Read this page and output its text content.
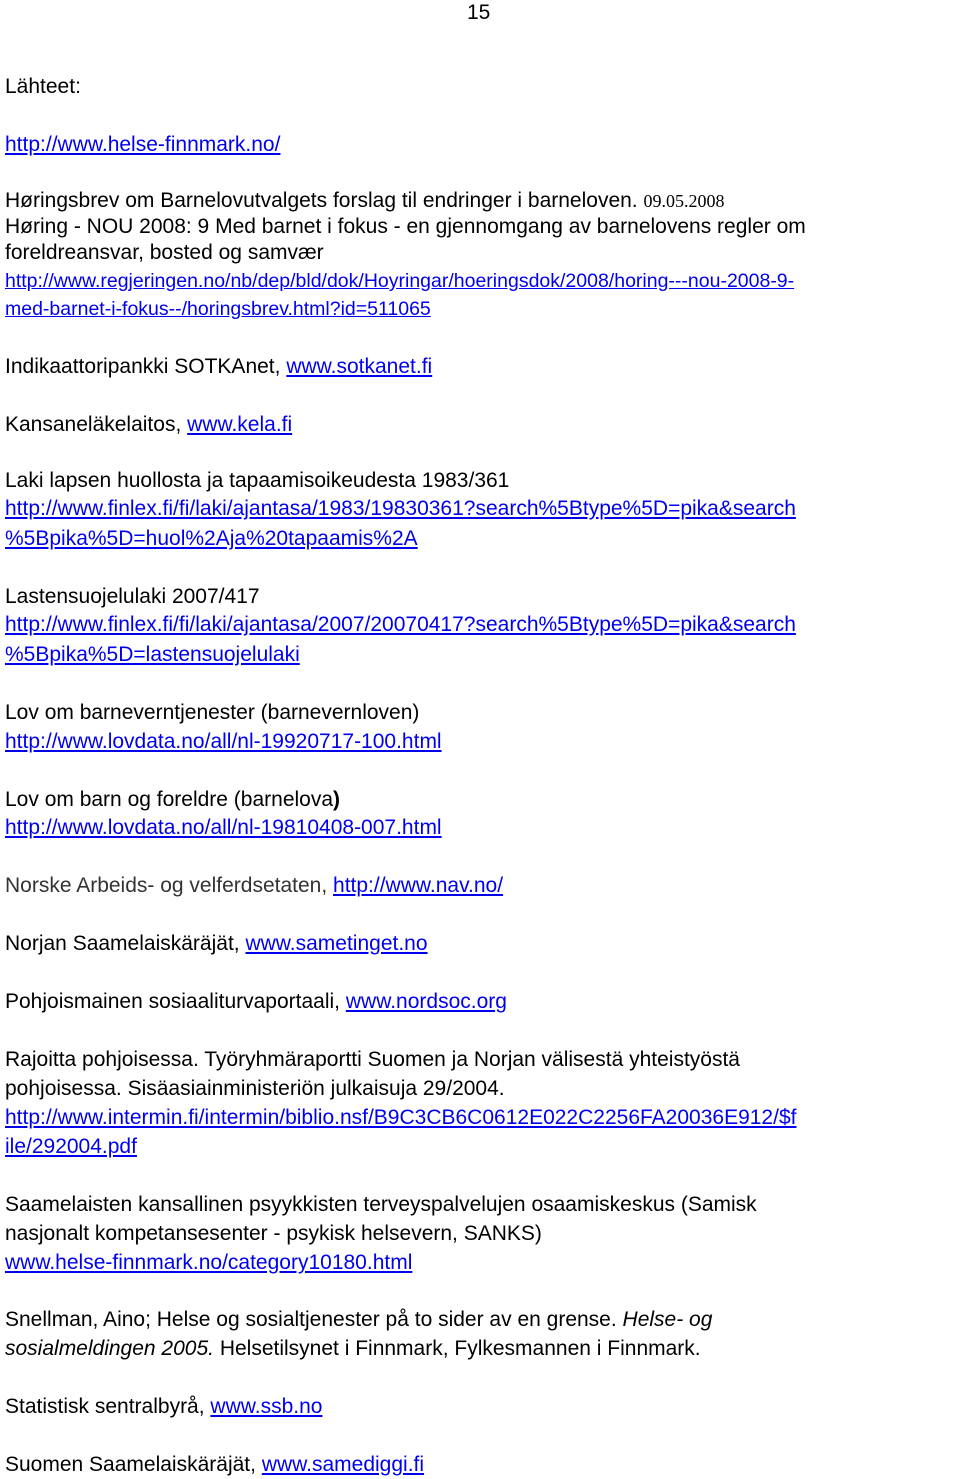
15

Lähteet:

http://www.helse-finnmark.no/

Høringsbrev om Barnelovutvalgets forslag til endringer i barneloven. 09.05.2008

Høring - NOU 2008: 9 Med barnet i fokus - en gjennomgang av barnelovens regler om

foreldreansvar, bosted og samvær

http://www.regjeringen.no/nb/dep/bld/dok/Hoyringar/hoeringsdok/2008/horing---nou-2008-9-

med-barnet-i-fokus--/horingsbrev.html?id=511065

Indikaattoripankki SOTKAnet, www.sotkanet.fi

Kansaneläkelaitos, www.kela.fi

Laki lapsen huollosta ja tapaamisoikeudesta 1983/361

http://www.finlex.fi/fi/laki/ajantasa/1983/19830361?search%5Btype%5D=pika&search

%5Bpika%5D=huol%2Aja%20tapaamis%2A

Lastensuojelulaki 2007/417

http://www.finlex.fi/fi/laki/ajantasa/2007/20070417?search%5Btype%5D=pika&search

%5Bpika%5D=lastensuojelulaki

Lov om barneverntjenester (barnevernloven)

http://www.lovdata.no/all/nl-19920717-100.html

Lov om barn og foreldre (barnelova)

http://www.lovdata.no/all/nl-19810408-007.html

Norske Arbeids- og velferdsetaten, http://www.nav.no/

Norjan Saamelaiskäräjät, www.sametinget.no

Pohjoismainen sosiaaliturvaportaali, www.nordsoc.org

Rajoitta pohjoisessa. Työryhmäraportti Suomen ja Norjan välisestä yhteistyöstä

pohjoisessa. Sisäasiainministeriön julkaisuja 29/2004.

http://www.intermin.fi/intermin/biblio.nsf/B9C3CB6C0612E022C2256FA20036E912/$f

ile/292004.pdf

Saamelaisten kansallinen psyykkisten terveyspalvelujen osaamiskeskus (Samisk

nasjonalt kompetansesenter - psykisk helsevern, SANKS)

www.helse-finnmark.no/category10180.html

Snellman, Aino; Helse og sosialtjenester på to sider av en grense. Helse- og

sosialmeldingen 2005. Helsetilsynet i Finnmark, Fylkesmannen i Finnmark.

Statistisk sentralbyrå, www.ssb.no

Suomen Saamelaiskäräjät, www.samediggi.fi
